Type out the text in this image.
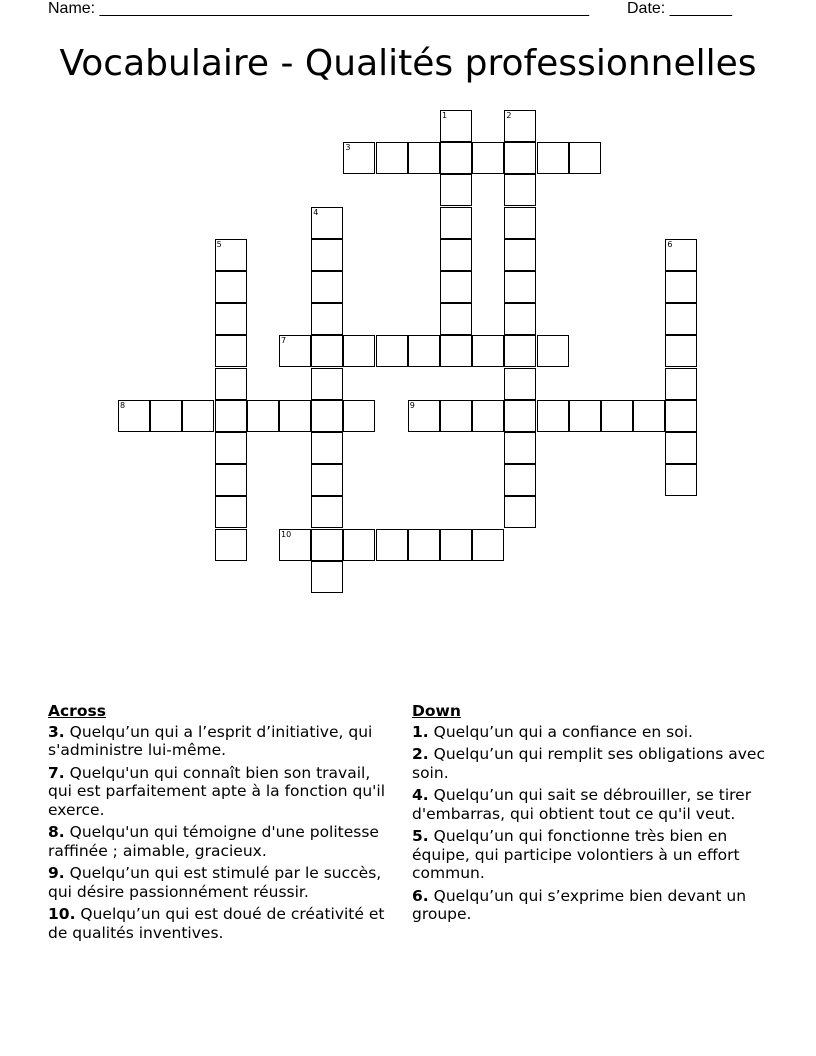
Name: _______________________________________________________ Date: _______
Vocabulaire - Qualités professionnelles
3
7
8	9
10
1	2
4
5	6
Across
3. Quelqu’un qui a l’esprit d’initiative, qui s'administre lui-même.
7. Quelqu'un qui connaît bien son travail, qui est parfaitement apte à la fonction qu'il exerce.
8. Quelqu'un qui témoigne d'une politesse raffinée ; aimable, gracieux.
9. Quelqu’un qui est stimulé par le succès, qui désire passionnément réussir.
10. Quelqu’un qui est doué de créativité et de qualités inventives.
Down
1. Quelqu’un qui a confiance en soi.
2. Quelqu’un qui remplit ses obligations avec soin.
4. Quelqu’un qui sait se débrouiller, se tirer d'embarras, qui obtient tout ce qu'il veut.
5. Quelqu’un qui fonctionne très bien en équipe, qui participe volontiers à un effort commun.
6. Quelqu’un qui s’exprime bien devant un groupe.
